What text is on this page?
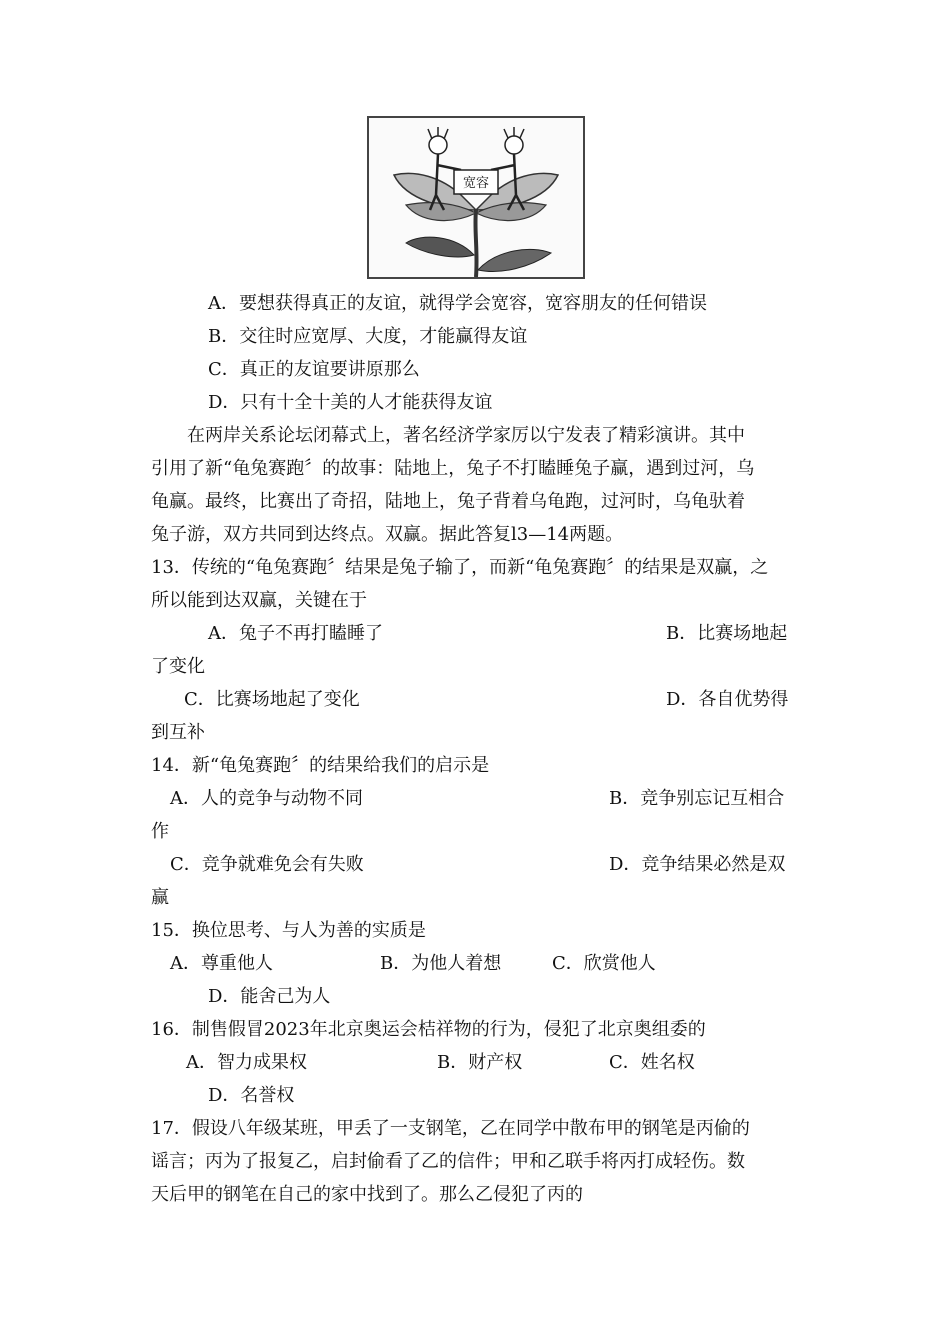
宽容
A．要想获得真正的友谊，就得学会宽容，宽容朋友的任何错误
B．交往时应宽厚、大度，才能赢得友谊
C．真正的友谊要讲原那么
D．只有十全十美的人才能获得友谊
在两岸关系论坛闭幕式上，著名经济学家厉以宁发表了精彩演讲。其中
引用了新“龟兔赛跑〞的故事：陆地上，兔子不打瞌睡兔子赢，遇到过河，乌
龟赢。最终，比赛出了奇招，陆地上，兔子背着乌龟跑，过河时，乌龟驮着
兔子游，双方共同到达终点。双赢。据此答复l3—14两题。
13．传统的“龟兔赛跑〞结果是兔子输了，而新“龟兔赛跑〞的结果是双赢，之
所以能到达双赢，关键在于
A．兔子不再打瞌睡了	B．比赛场地起
了变化
C．比赛场地起了变化	D．各自优势得
到互补
14．新“龟兔赛跑〞的结果给我们的启示是
A．人的竞争与动物不同	B．竞争别忘记互相合
作
C．竞争就难免会有失败	D．竞争结果必然是双
赢
15．换位思考、与人为善的实质是
A．尊重他人	B．为他人着想	C．欣赏他人
D．能舍己为人
16．制售假冒2023年北京奥运会桔祥物的行为，侵犯了北京奥组委的
A．智力成果权	B．财产权	C．姓名权
D．名誉权
17．假设八年级某班，甲丢了一支钢笔，乙在同学中散布甲的钢笔是丙偷的
谣言；丙为了报复乙，启封偷看了乙的信件；甲和乙联手将丙打成轻伤。数
天后甲的钢笔在自己的家中找到了。那么乙侵犯了丙的
